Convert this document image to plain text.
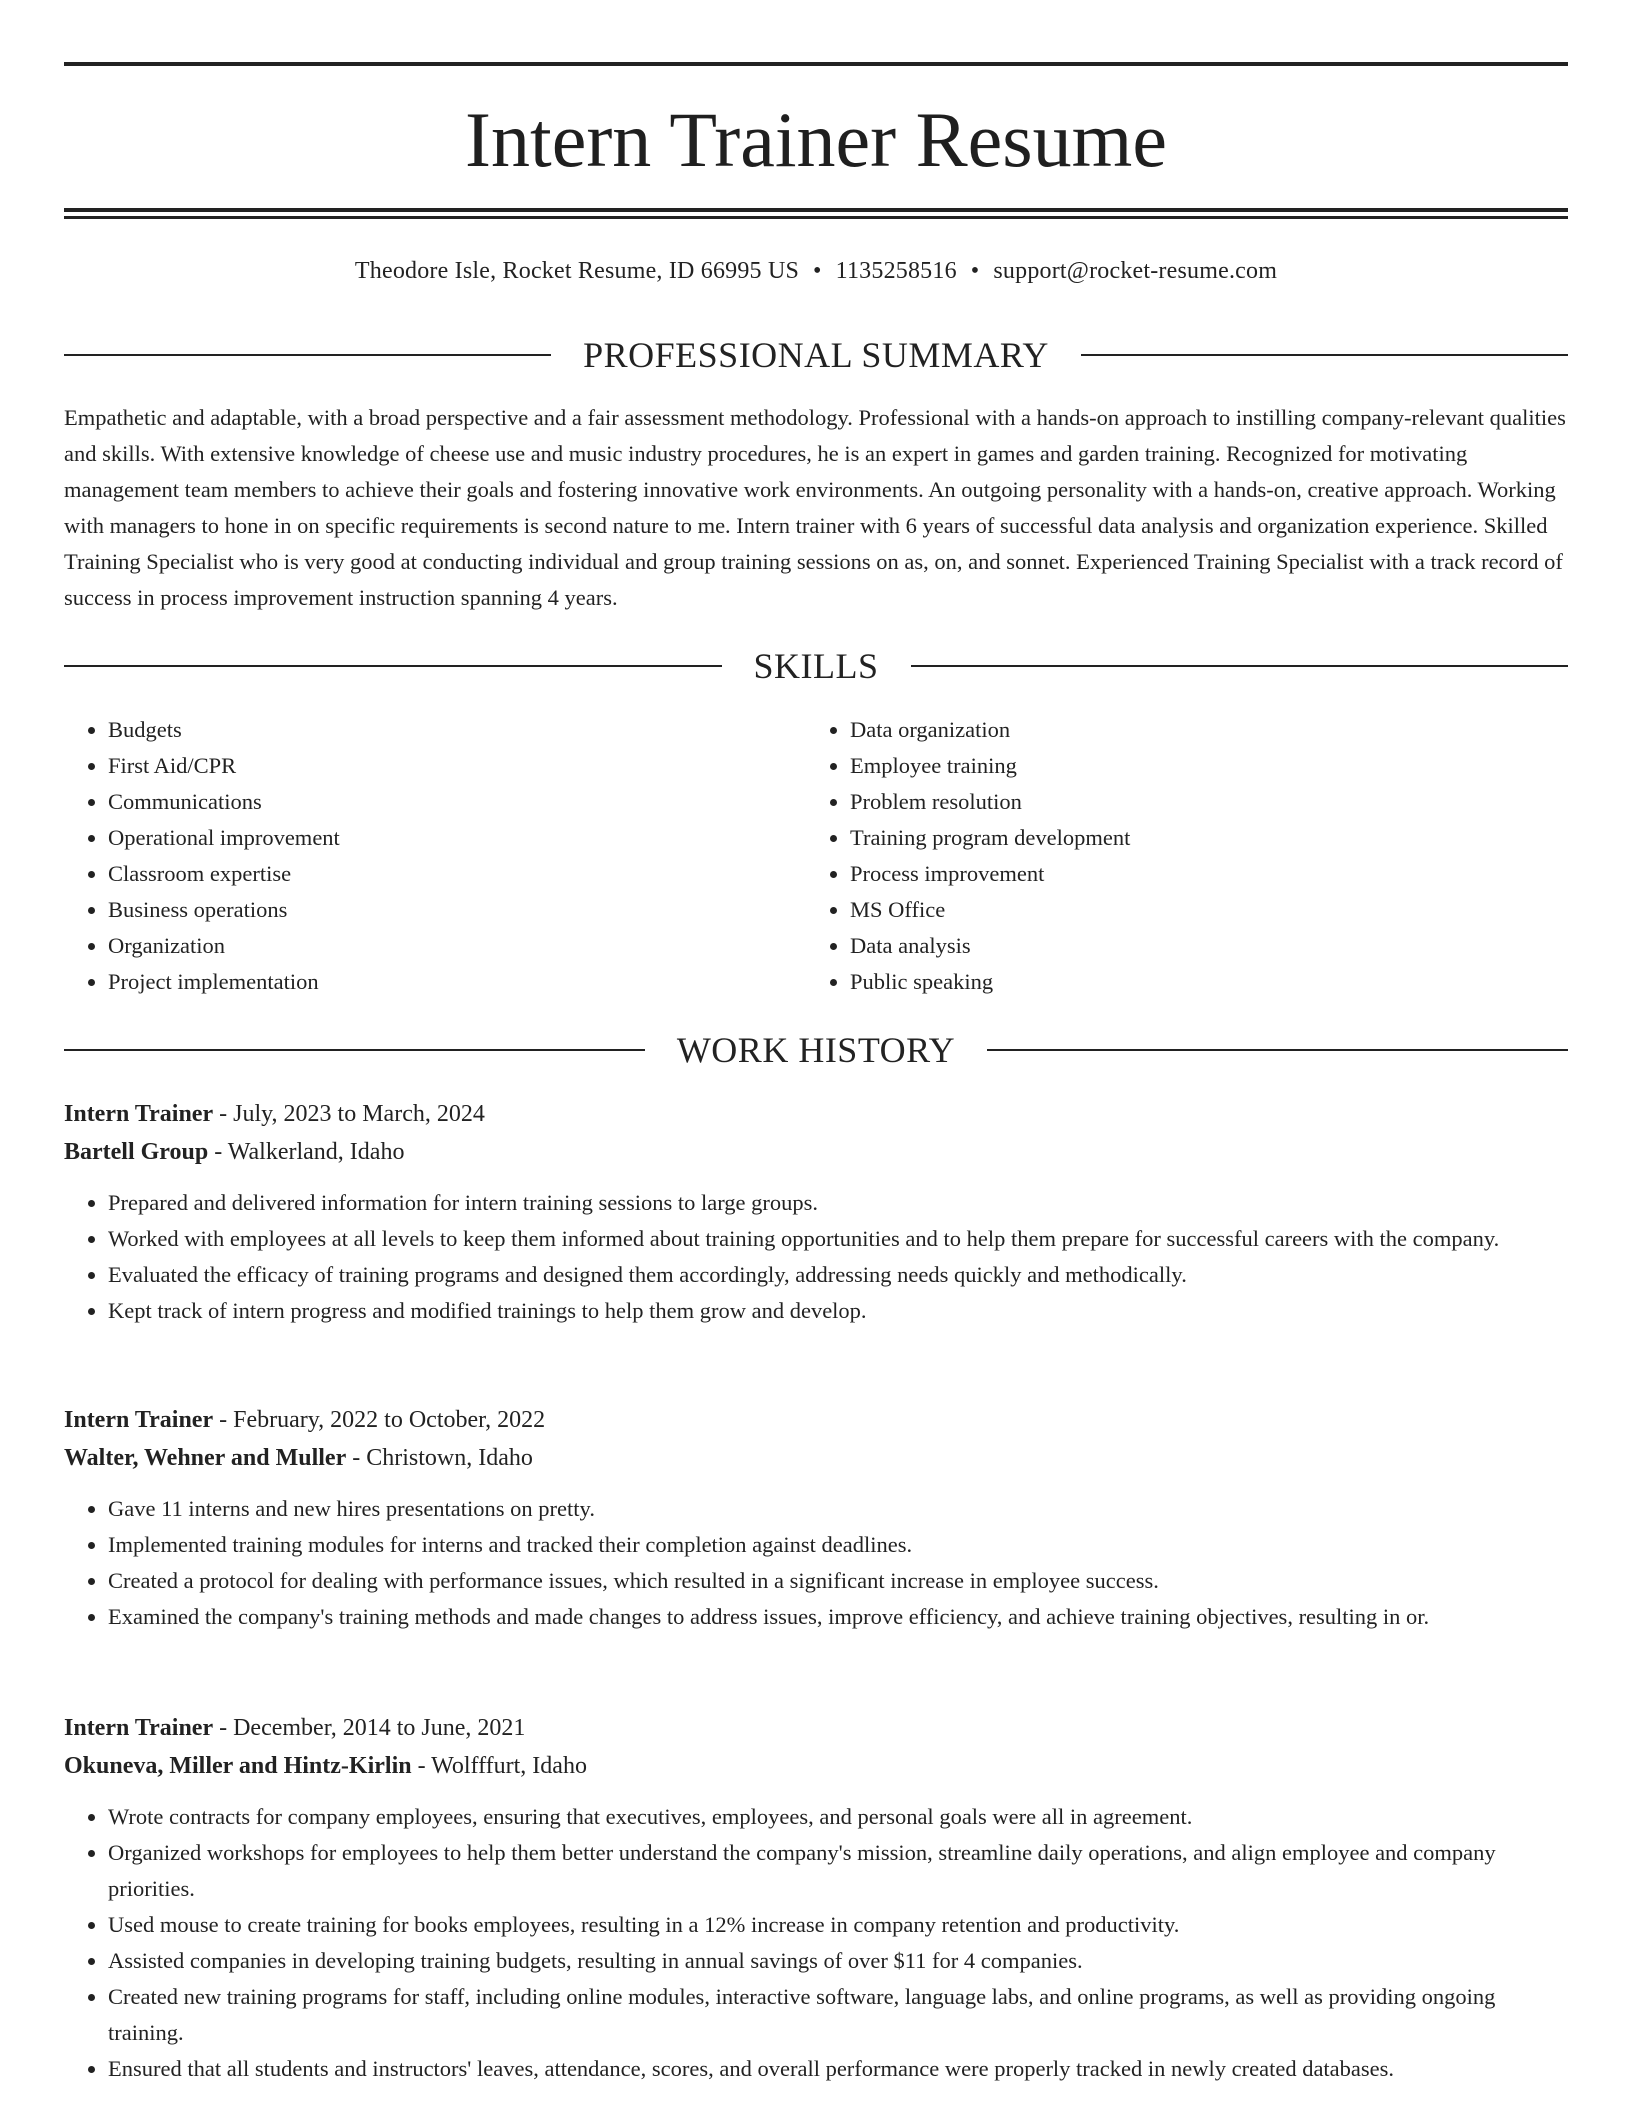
Intern Trainer Resume
Theodore Isle, Rocket Resume, ID 66995 US • 1135258516 • support@rocket-resume.com
PROFESSIONAL SUMMARY

Empathetic and adaptable, with a broad perspective and a fair assessment methodology. Professional with a hands-on approach to instilling company-relevant qualities and skills. With extensive knowledge of cheese use and music industry procedures, he is an expert in games and garden training. Recognized for motivating management team members to achieve their goals and fostering innovative work environments. An outgoing personality with a hands-on, creative approach. Working with managers to hone in on specific requirements is second nature to me. Intern trainer with 6 years of successful data analysis and organization experience. Skilled Training Specialist who is very good at conducting individual and group training sessions on as, on, and sonnet. Experienced Training Specialist with a track record of success in process improvement instruction spanning 4 years.

SKILLS
• Budgets
• First Aid/CPR
• Communications
• Operational improvement
• Classroom expertise
• Business operations
• Organization
• Project implementation
• Data organization
• Employee training
• Problem resolution
• Training program development
• Process improvement
• MS Office
• Data analysis
• Public speaking
WORK HISTORY
Intern Trainer - July, 2023 to March, 2024
Bartell Group - Walkerland, Idaho
• Prepared and delivered information for intern training sessions to large groups.
• Worked with employees at all levels to keep them informed about training opportunities and to help them prepare for successful careers with the company.
• Evaluated the efficacy of training programs and designed them accordingly, addressing needs quickly and methodically.
• Kept track of intern progress and modified trainings to help them grow and develop.
Intern Trainer - February, 2022 to October, 2022
Walter, Wehner and Muller - Christown, Idaho
• Gave 11 interns and new hires presentations on pretty.
• Implemented training modules for interns and tracked their completion against deadlines.
• Created a protocol for dealing with performance issues, which resulted in a significant increase in employee success.
• Examined the company's training methods and made changes to address issues, improve efficiency, and achieve training objectives, resulting in or.
Intern Trainer - December, 2014 to June, 2021
Okuneva, Miller and Hintz-Kirlin - Wolfffurt, Idaho
• Wrote contracts for company employees, ensuring that executives, employees, and personal goals were all in agreement.
• Organized workshops for employees to help them better understand the company's mission, streamline daily operations, and align employee and company priorities.
• Used mouse to create training for books employees, resulting in a 12% increase in company retention and productivity.
• Assisted companies in developing training budgets, resulting in annual savings of over $11 for 4 companies.
• Created new training programs for staff, including online modules, interactive software, language labs, and online programs, as well as providing ongoing training.
• Ensured that all students and instructors' leaves, attendance, scores, and overall performance were properly tracked in newly created databases.
